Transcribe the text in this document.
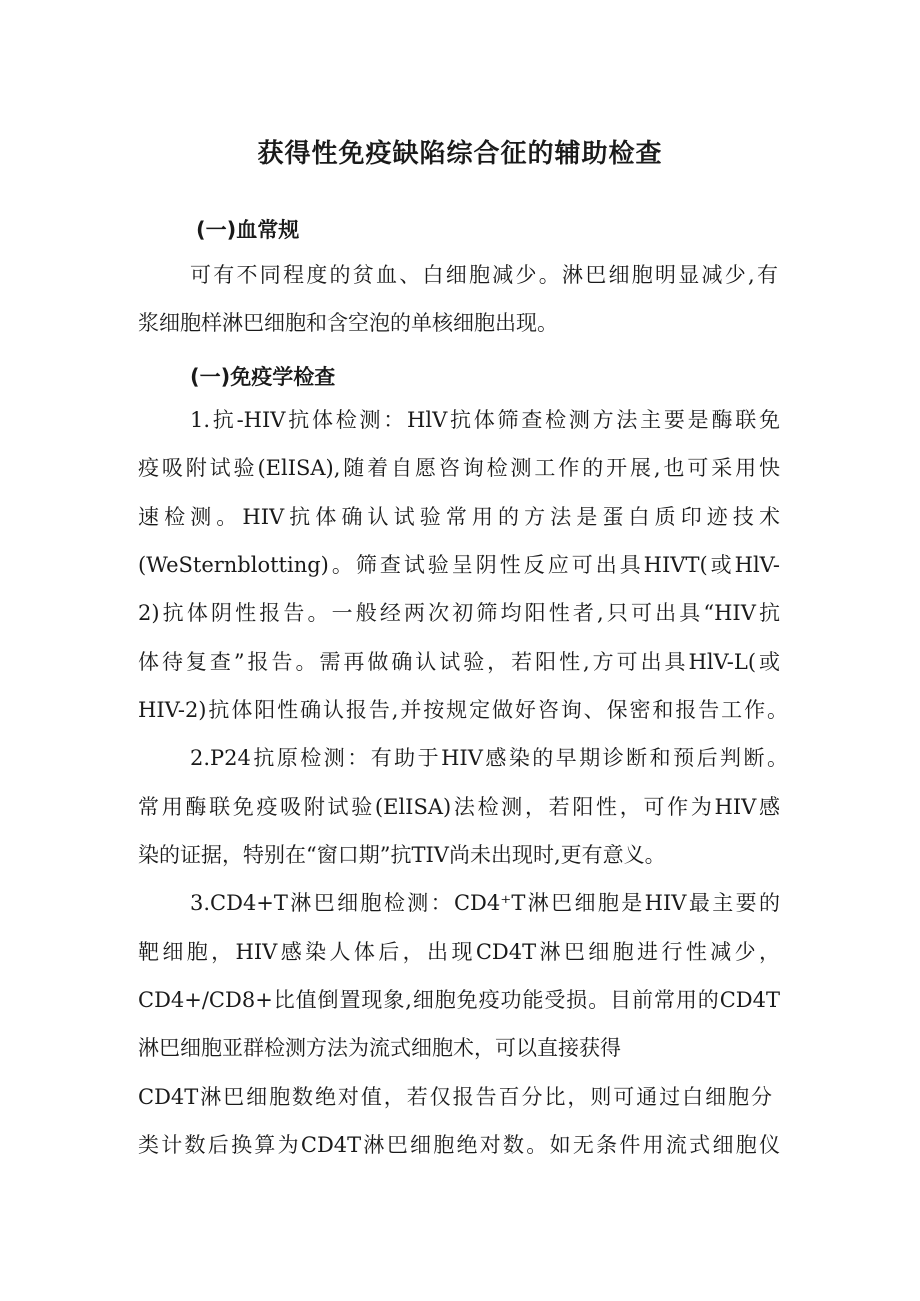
获得性免疫缺陷综合征的辅助检查
(一)血常规
可有不同程度的贫血、白细胞减少。淋巴细胞明显减少,有
浆细胞样淋巴细胞和含空泡的单核细胞出现。
(一)免疫学检查
1.抗-HIV抗体检测：HlV抗体筛查检测方法主要是酶联免
疫吸附试验(ElISA),随着自愿咨询检测工作的开展,也可采用快
速检测。HIV抗体确认试验常用的方法是蛋白质印迹技术
(WeSternblotting)。筛查试验呈阴性反应可出具HIVT(或HlV-
2)抗体阴性报告。一般经两次初筛均阳性者,只可出具“HIV抗
体待复查”报告。需再做确认试验，若阳性,方可出具HlV-L(或
HIV-2)抗体阳性确认报告,并按规定做好咨询、保密和报告工作。
2.P24抗原检测：有助于HIV感染的早期诊断和预后判断。
常用酶联免疫吸附试验(ElISA)法检测，若阳性，可作为HIV感
染的证据，特别在“窗口期”抗TIV尚未出现时,更有意义。
3.CD4+T淋巴细胞检测：CD4⁺T淋巴细胞是HIV最主要的
靶细胞，HIV感染人体后，出现CD4T淋巴细胞进行性减少，
CD4+/CD8+比值倒置现象,细胞免疫功能受损。目前常用的CD4T
淋巴细胞亚群检测方法为流式细胞术，可以直接获得
CD4T淋巴细胞数绝对值，若仅报告百分比，则可通过白细胞分
类计数后换算为CD4T淋巴细胞绝对数。如无条件用流式细胞仪
